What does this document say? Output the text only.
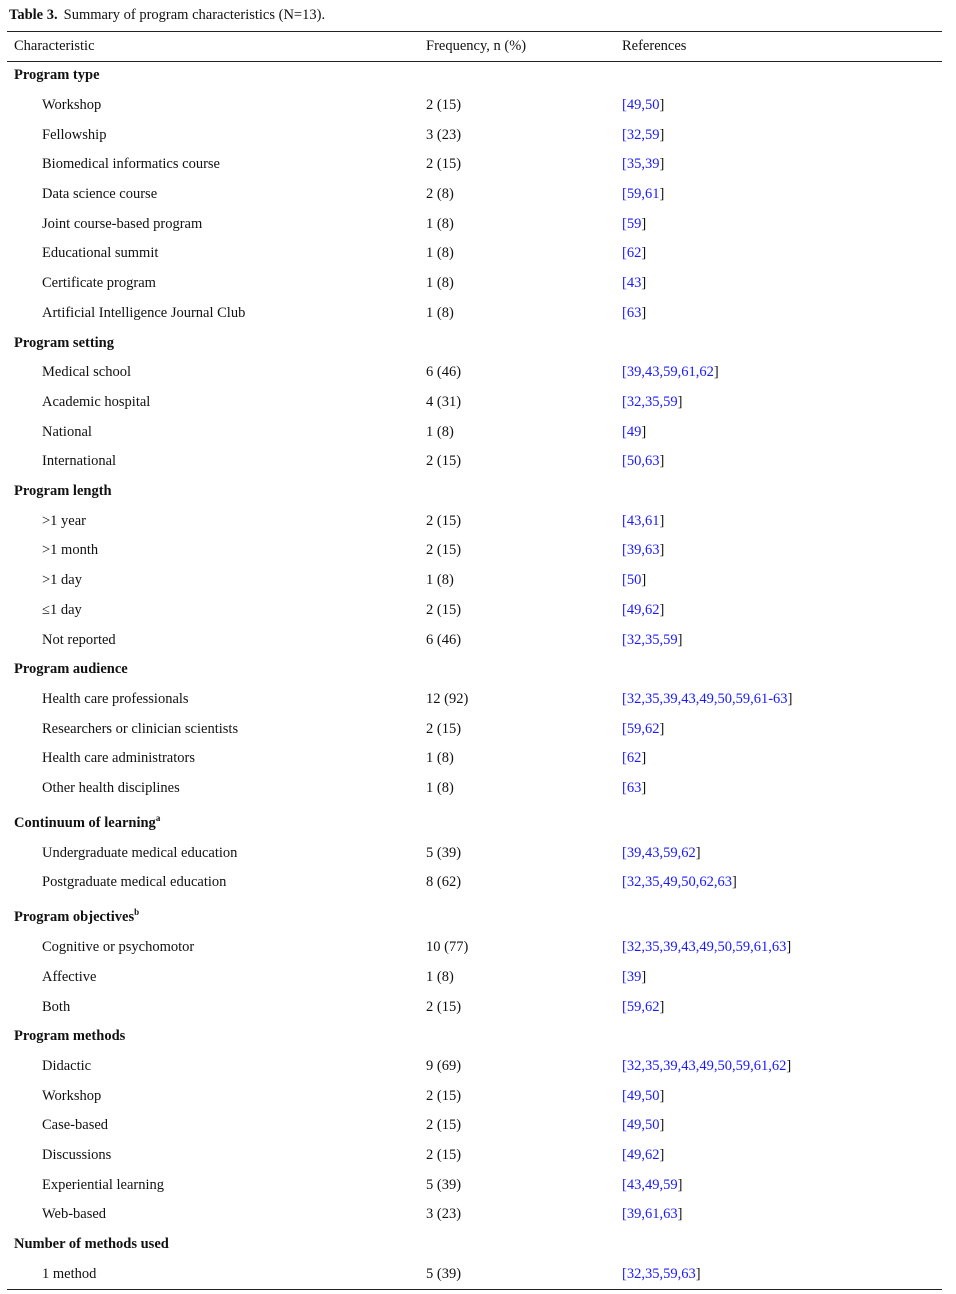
Table 3. Summary of program characteristics (N=13).
Characteristic	Frequency, n (%)	References
Program type
Workshop	2 (15)	[49,50]
Fellowship	3 (23)	[32,59]
Biomedical informatics course	2 (15)	[35,39]
Data science course	2 (8)	[59,61]
Joint course-based program	1 (8)	[59]
Educational summit	1 (8)	[62]
Certificate program	1 (8)	[43]
Artificial Intelligence Journal Club	1 (8)	[63]
Program setting
Medical school	6 (46)	[39,43,59,61,62]
Academic hospital	4 (31)	[32,35,59]
National	1 (8)	[49]
International	2 (15)	[50,63]
Program length
>1 year	2 (15)	[43,61]
>1 month	2 (15)	[39,63]
>1 day	1 (8)	[50]
≤1 day	2 (15)	[49,62]
Not reported	6 (46)	[32,35,59]
Program audience
Health care professionals	12 (92)	[32,35,39,43,49,50,59,61-63]
Researchers or clinician scientists	2 (15)	[59,62]
Health care administrators	1 (8)	[62]
Other health disciplines	1 (8)	[63]
Continuum of learning$^a$
Undergraduate medical education	5 (39)	[39,43,59,62]
Postgraduate medical education	8 (62)	[32,35,49,50,62,63]
Program objectives$^b$
Cognitive or psychomotor	10 (77)	[32,35,39,43,49,50,59,61,63]
Affective	1 (8)	[39]
Both	2 (15)	[59,62]
Program methods
Didactic	9 (69)	[32,35,39,43,49,50,59,61,62]
Workshop	2 (15)	[49,50]
Case-based	2 (15)	[49,50]
Discussions	2 (15)	[49,62]
Experiential learning	5 (39)	[43,49,59]
Web-based	3 (23)	[39,61,63]
Number of methods used
1 method	5 (39)	[32,35,59,63]
